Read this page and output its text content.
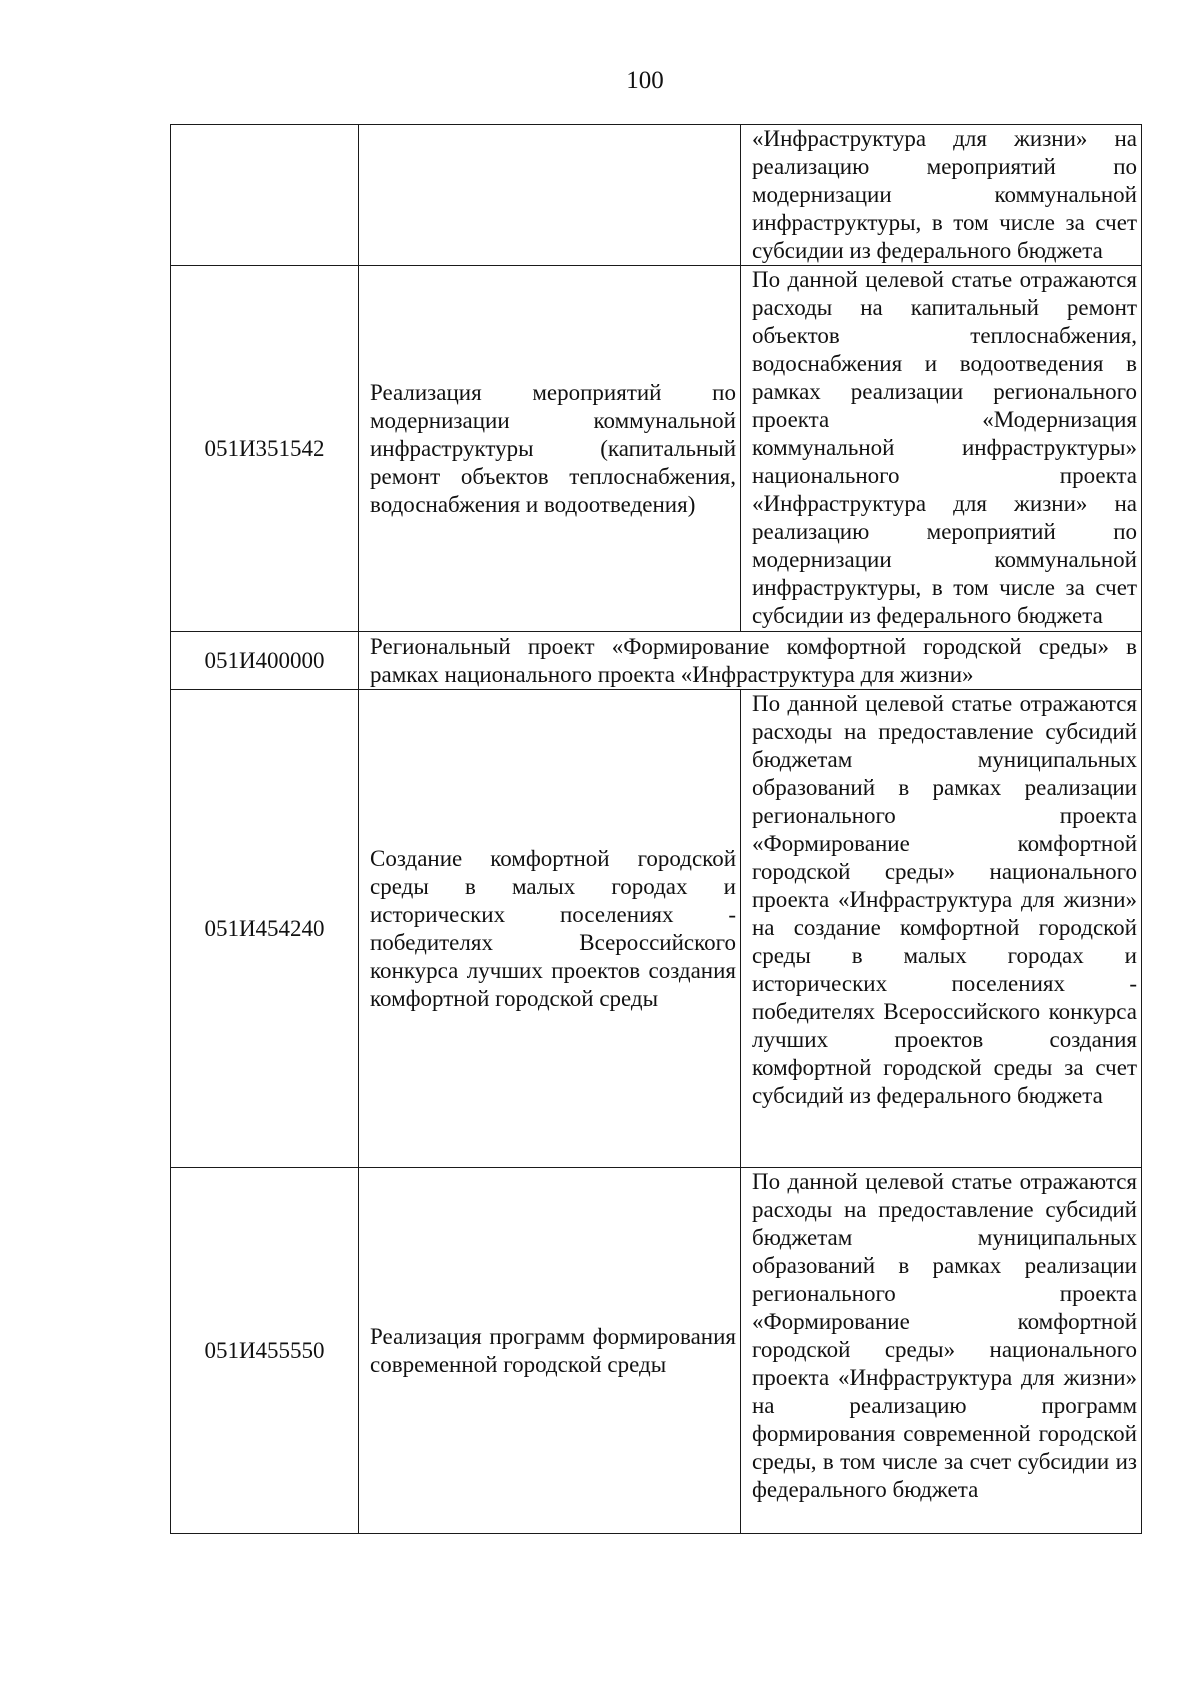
100

		«Инфраструктура для жизни» на реализацию мероприятий по модернизации коммунальной инфраструктуры, в том числе за счет субсидии из федерального бюджета

051И351542	Реализация мероприятий по модернизации коммунальной инфраструктуры (капитальный ремонт объектов теплоснабжения, водоснабжения и водоотведения)	По данной целевой статье отражаются расходы на капитальный ремонт объектов теплоснабжения, водоснабжения и водоотведения в рамках реализации регионального проекта «Модернизация коммунальной инфраструктуры» национального проекта «Инфраструктура для жизни» на реализацию мероприятий по модернизации коммунальной инфраструктуры, в том числе за счет субсидии из федерального бюджета

051И400000	Региональный проект «Формирование комфортной городской среды» в рамках национального проекта «Инфраструктура для жизни»	

051И454240	Создание комфортной городской среды в малых городах и исторических поселениях - победителях Всероссийского конкурса лучших проектов создания комфортной городской среды	По данной целевой статье отражаются расходы на предоставление субсидий бюджетам муниципальных образований в рамках реализации регионального проекта «Формирование комфортной городской среды» национального проекта «Инфраструктура для жизни» на создание комфортной городской среды в малых городах и исторических поселениях - победителях Всероссийского конкурса лучших проектов создания комфортной городской среды за счет субсидий из федерального бюджета

051И455550	Реализация программ формирования современной городской среды	По данной целевой статье отражаются расходы на предоставление субсидий бюджетам муниципальных образований в рамках реализации регионального проекта «Формирование комфортной городской среды» национального проекта «Инфраструктура для жизни» на реализацию программ формирования современной городской среды, в том числе за счет субсидии из федерального бюджета
